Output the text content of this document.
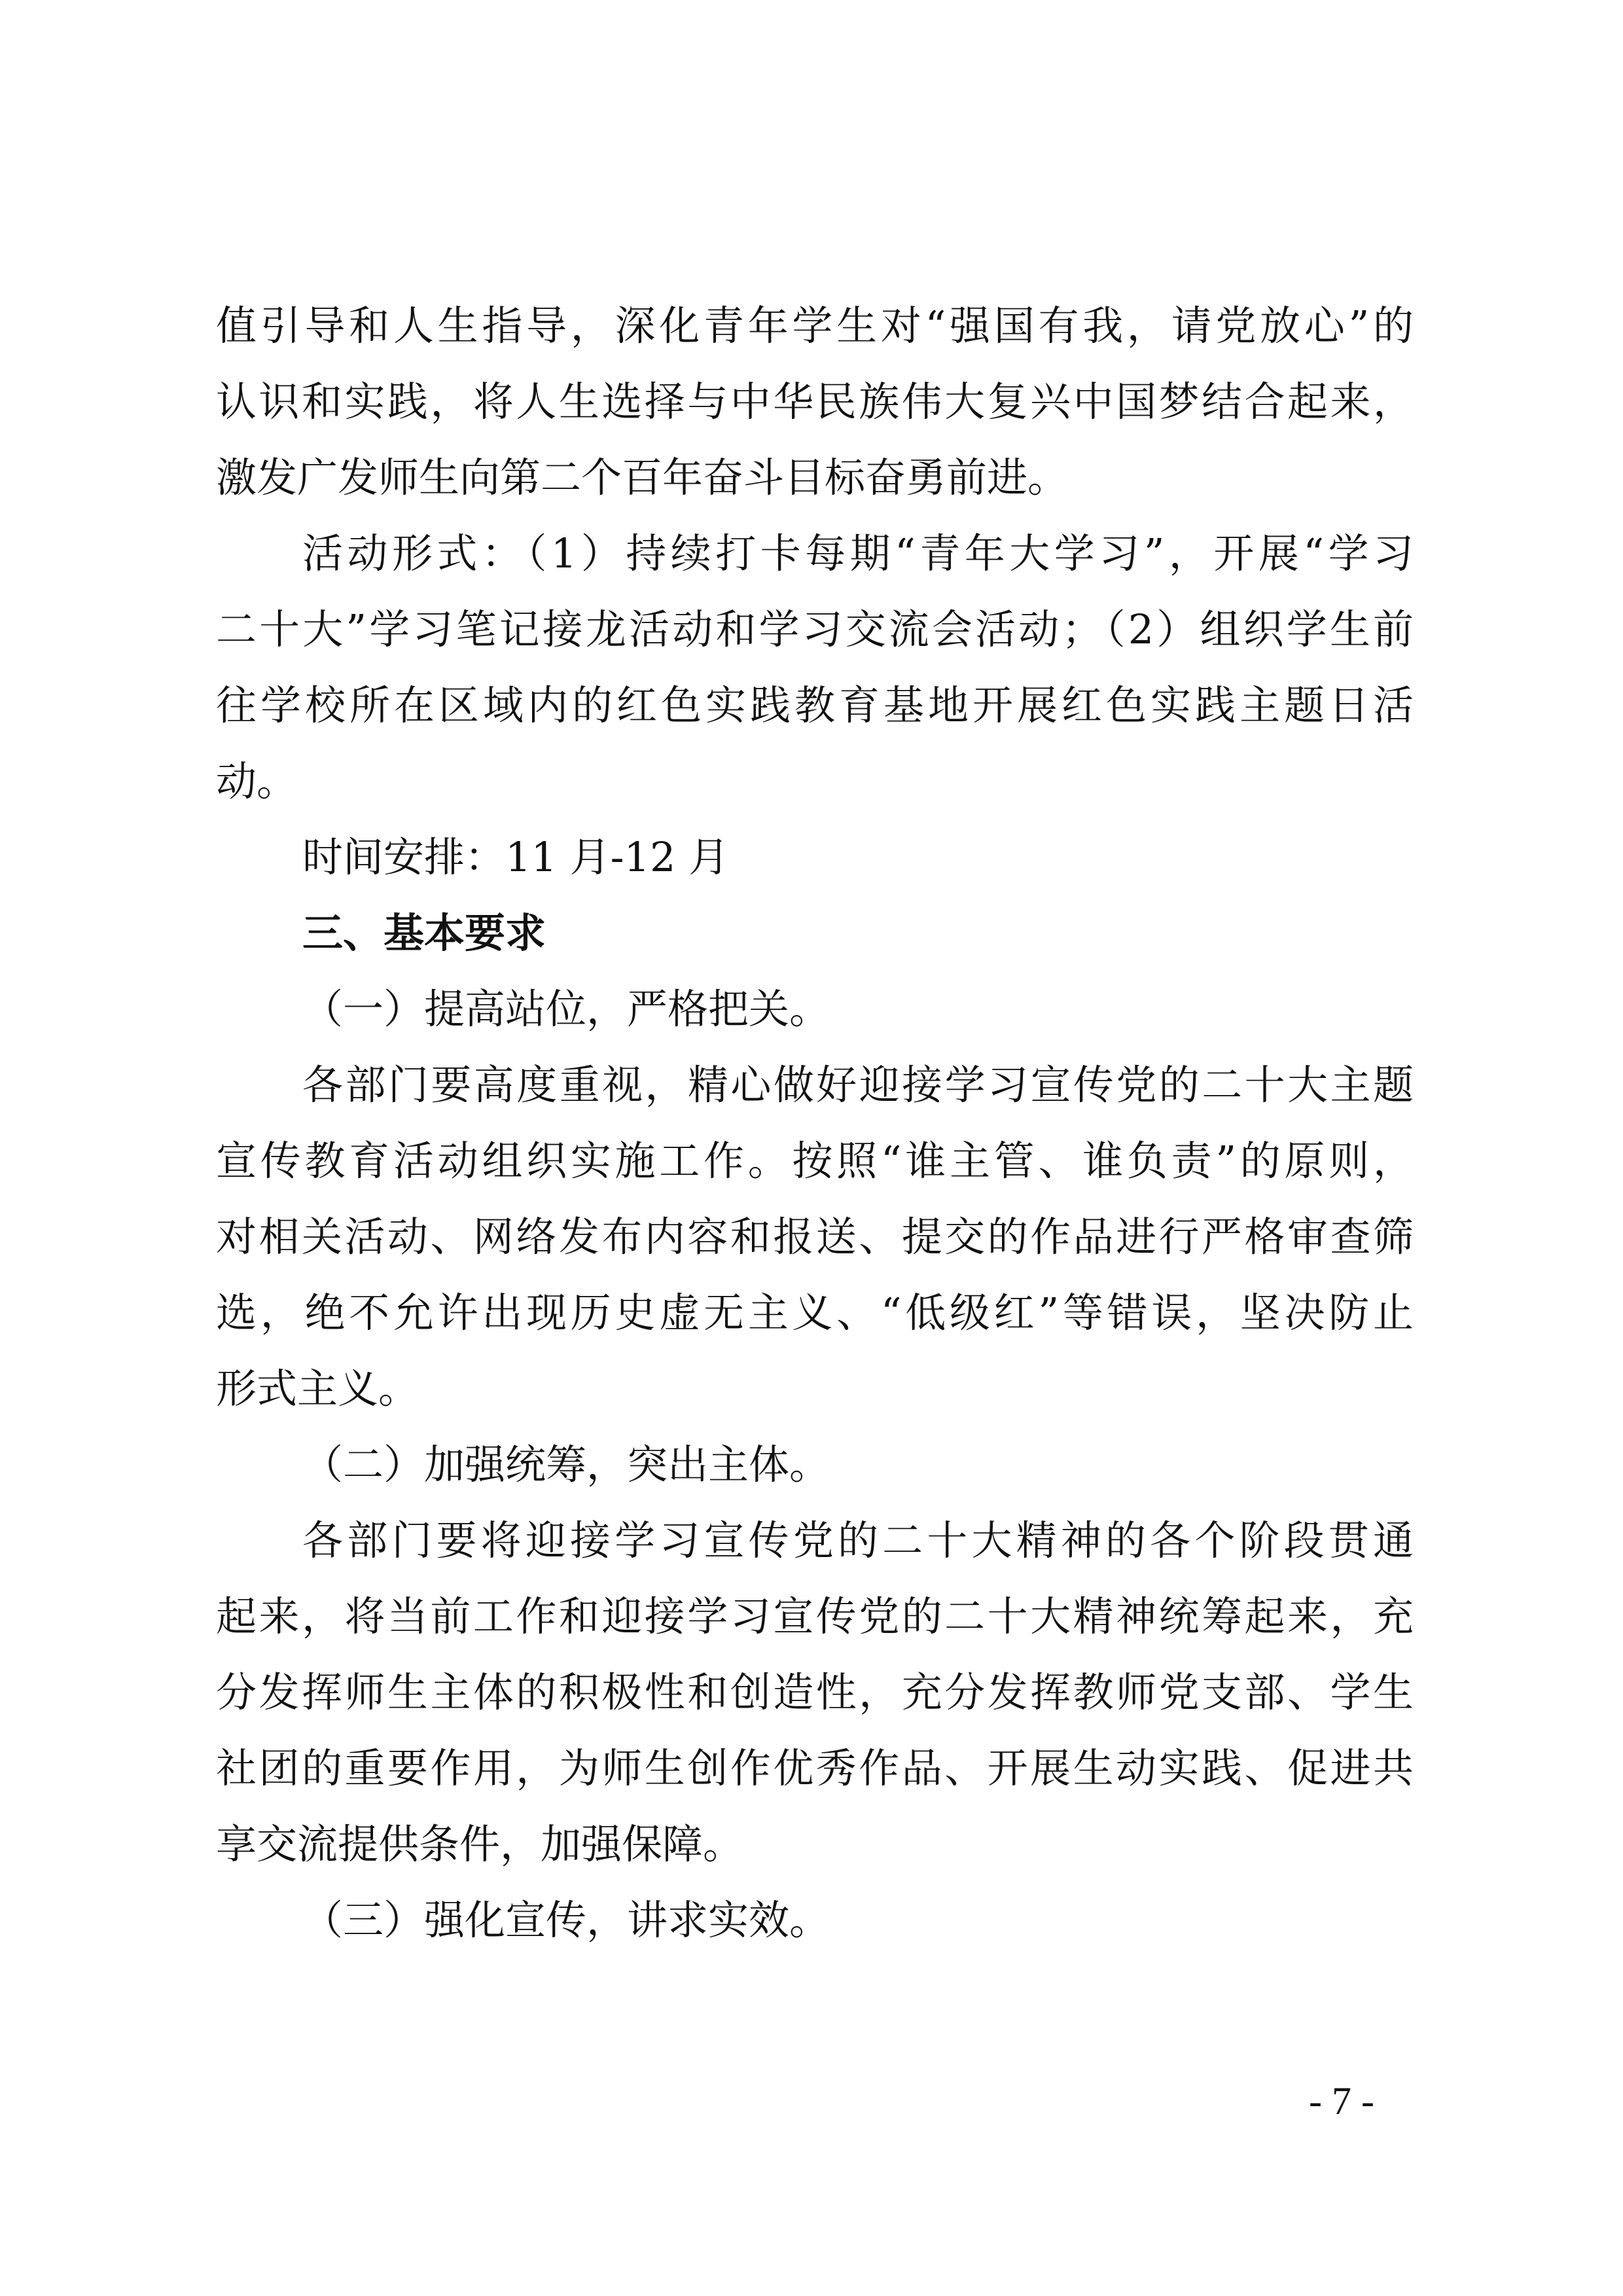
值引导和人生指导，深化青年学生对“强国有我，请党放心”的
认识和实践，将人生选择与中华民族伟大复兴中国梦结合起来，
激发广发师生向第二个百年奋斗目标奋勇前进。
活动形式：（1）持续打卡每期“青年大学习”，开展“学习
二十大”学习笔记接龙活动和学习交流会活动；（2）组织学生前
往学校所在区域内的红色实践教育基地开展红色实践主题日活
动。
时间安排：11 月-12 月
三、基本要求
（一）提高站位，严格把关。
各部门要高度重视，精心做好迎接学习宣传党的二十大主题
宣传教育活动组织实施工作。按照“谁主管、谁负责”的原则，
对相关活动、网络发布内容和报送、提交的作品进行严格审查筛
选，绝不允许出现历史虚无主义、“低级红”等错误，坚决防止
形式主义。
（二）加强统筹，突出主体。
各部门要将迎接学习宣传党的二十大精神的各个阶段贯通
起来，将当前工作和迎接学习宣传党的二十大精神统筹起来，充
分发挥师生主体的积极性和创造性，充分发挥教师党支部、学生
社团的重要作用，为师生创作优秀作品、开展生动实践、促进共
享交流提供条件，加强保障。
（三）强化宣传，讲求实效。
- 7 -
